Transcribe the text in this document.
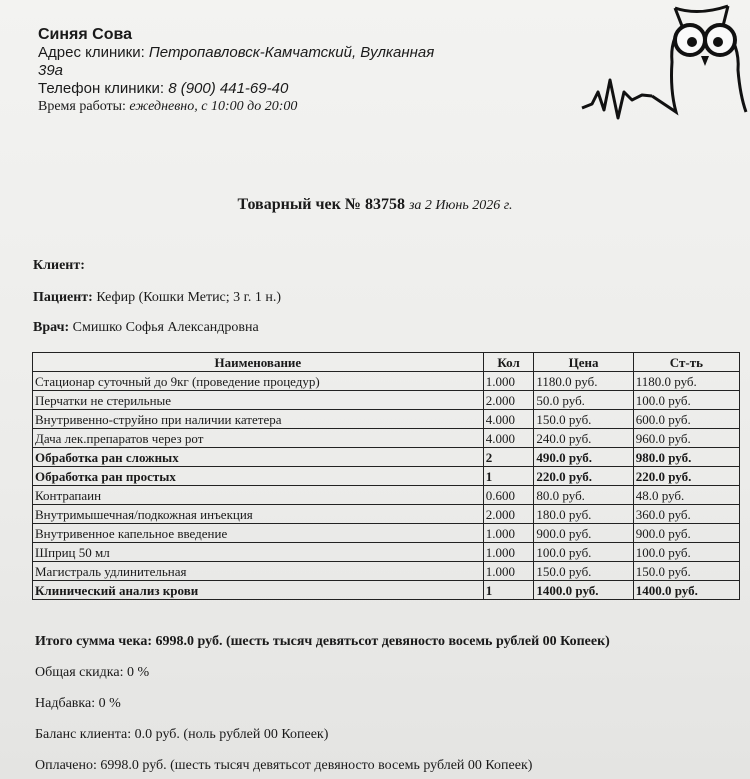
Синяя Сова
Адрес клиники: Петропавловск-Камчатский, Вулканная
39а
Телефон клиники: 8 (900) 441-69-40
Время работы: ежедневно, с 10:00 до 20:00
Товарный чек № 83758 за 2 Июнь 2026 г.
Клиент:
Пациент: Кефир (Кошки Метис; 3 г. 1 н.)
Врач: Смишко Софья Александровна
Наименование	Кол	Цена	Ст-ть
Стационар суточный до 9кг (проведение процедур)	1.000	1180.0 руб.	1180.0 руб.
Перчатки не стерильные	2.000	50.0 руб.	100.0 руб.
Внутривенно-струйно при наличии катетера	4.000	150.0 руб.	600.0 руб.
Дача лек.препаратов через рот	4.000	240.0 руб.	960.0 руб.
Обработка ран сложных	2	490.0 руб.	980.0 руб.
Обработка ран простых	1	220.0 руб.	220.0 руб.
Контрапаин	0.600	80.0 руб.	48.0 руб.
Внутримышечная/подкожная инъекция	2.000	180.0 руб.	360.0 руб.
Внутривенное капельное введение	1.000	900.0 руб.	900.0 руб.
Шприц 50 мл	1.000	100.0 руб.	100.0 руб.
Магистраль удлинительная	1.000	150.0 руб.	150.0 руб.
Клинический анализ крови	1	1400.0 руб.	1400.0 руб.
Итого сумма чека: 6998.0 руб. (шесть тысяч девятьсот девяносто восемь рублей 00 Копеек)
Общая скидка: 0 %
Надбавка: 0 %
Баланс клиента: 0.0 руб. (ноль рублей 00 Копеек)
Оплачено: 6998.0 руб. (шесть тысяч девятьсот девяносто восемь рублей 00 Копеек)
